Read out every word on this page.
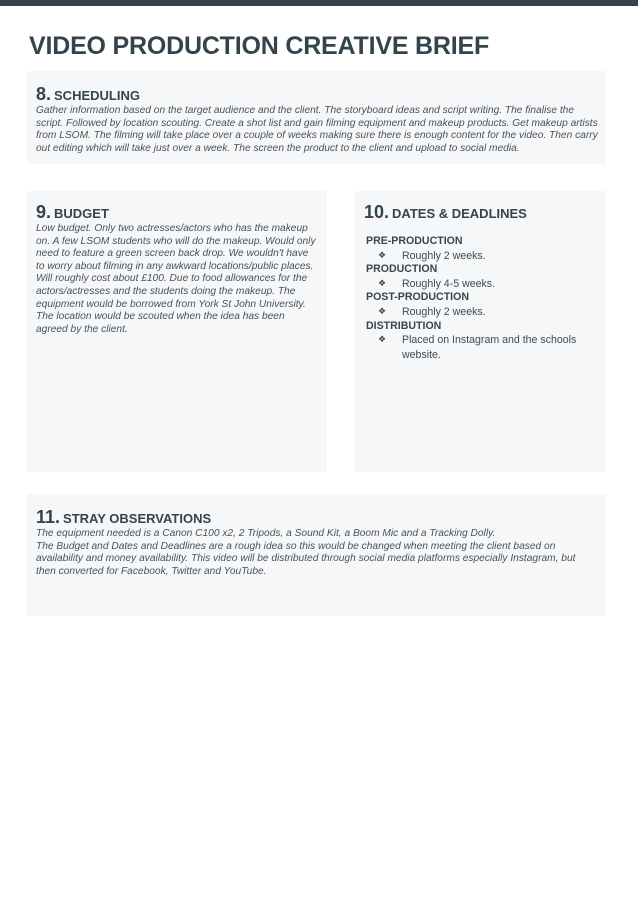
VIDEO PRODUCTION CREATIVE BRIEF
8. SCHEDULING

Gather information based on the target audience and the client. The storyboard ideas and script writing. The finalise the script. Followed by location scouting. Create a shot list and gain filming equipment and makeup products. Get makeup artists from LSOM. The filming will take place over a couple of weeks making sure there is enough content for the video. Then carry out editing which will take just over a week. The screen the product to the client and upload to social media.

9. BUDGET

Low budget. Only two actresses/actors who has the makeup on. A few LSOM students who will do the makeup. Would only need to feature a green screen back drop. We wouldn't have to worry about filming in any awkward locations/public places.

Will roughly cost about £100. Due to food allowances for the actors/actresses and the students doing the makeup. The equipment would be borrowed from York St John University. The location would be scouted when the idea has been agreed by the client.

10. DATES & DEADLINES
PRE-PRODUCTION
❖	Roughly 2 weeks.
PRODUCTION
❖	Roughly 4-5 weeks.
POST-PRODUCTION
❖	Roughly 2 weeks.
DISTRIBUTION
❖	Placed on Instagram and the schools website.
11. STRAY OBSERVATIONS

The equipment needed is a Canon C100 x2, 2 Tripods, a Sound Kit, a Boom Mic and a Tracking Dolly.

The Budget and Dates and Deadlines are a rough idea so this would be changed when meeting the client based on availability and money availability. This video will be distributed through social media platforms especially Instagram, but then converted for Facebook, Twitter and YouTube.
